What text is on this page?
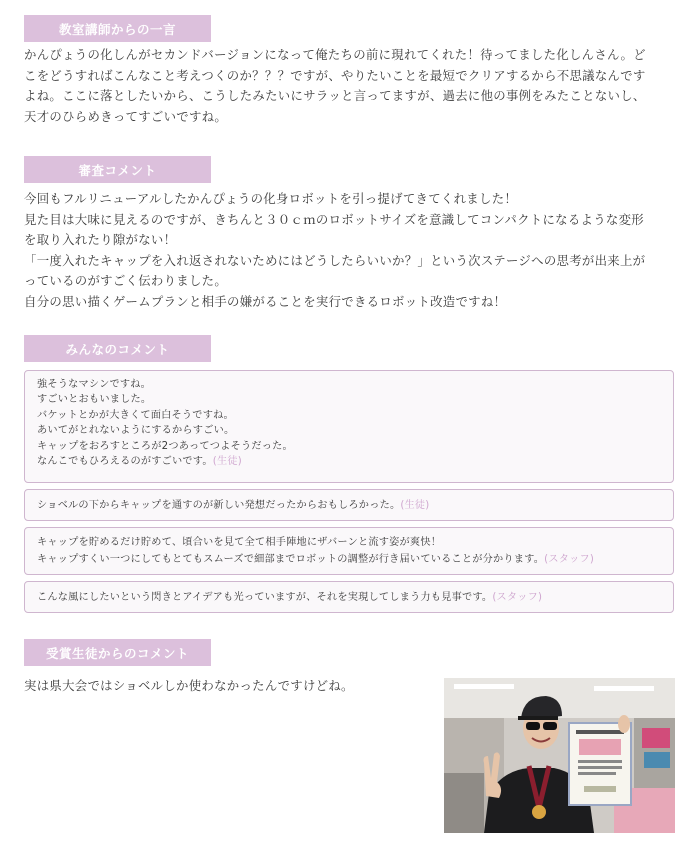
教室講師からの一言
かんぴょうの化しんがセカンドバージョンになって俺たちの前に現れてくれた！待ってました化しんさん。ど
こをどうすればこんなこと考えつくのか？？？ですが、やりたいことを最短でクリアするから不思議なんです
よね。ここに落としたいから、こうしたみたいにサラッと言ってますが、過去に他の事例をみたことないし、
天才のひらめきってすごいですね。
審査コメント
今回もフルリニューアルしたかんぴょうの化身ロボットを引っ提げてきてくれました！
見た目は大味に見えるのですが、きちんと３０ｃｍのロボットサイズを意識してコンパクトになるような変形
を取り入れたり隙がない！
「一度入れたキャップを入れ返されないためにはどうしたらいいか？」という次ステージへの思考が出来上が
っているのがすごく伝わりました。
自分の思い描くゲームプランと相手の嫌がることを実行できるロボット改造ですね！
みんなのコメント
強そうなマシンですね。
すごいとおもいました。
バケットとかが大きくて面白そうですね。
あいてがとれないようにするからすごい。
キャップをおろすところが2つあってつよそうだった。
なんこでもひろえるのがすごいです。(生徒)
ショベルの下からキャップを通すのが新しい発想だったからおもしろかった。(生徒)
キャップを貯めるだけ貯めて、頃合いを見て全て相手陣地にザバーンと流す姿が爽快！
キャップすくい一つにしてもとてもスムーズで細部までロボットの調整が行き届いていることが分かります。(スタッフ)
こんな風にしたいという閃きとアイデアも光っていますが、それを実現してしまう力も見事です。(スタッフ)
受賞生徒からのコメント
実は県大会ではショベルしか使わなかったんですけどね。
